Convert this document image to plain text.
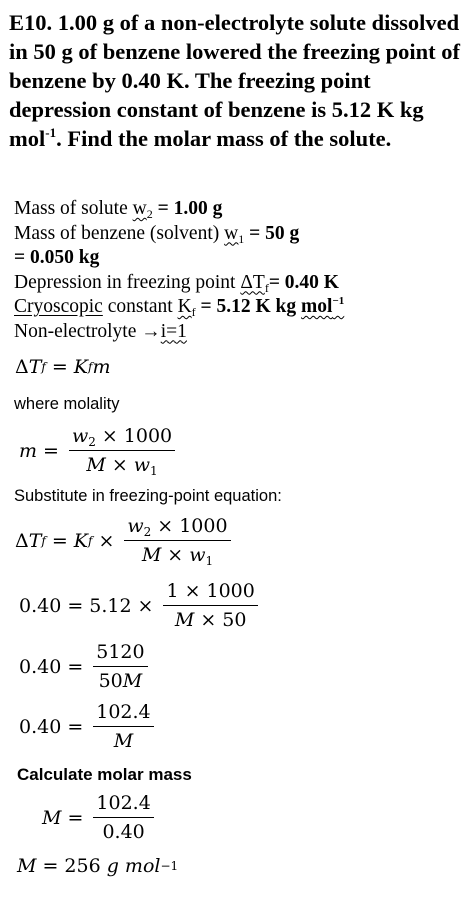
E10. 1.00 g of a non-electrolyte solute dissolved in 50 g of benzene lowered the freezing point of benzene by 0.40 K. The freezing point depression constant of benzene is 5.12 K kg mol$^{-1}$. Find the molar mass of the solute.
Mass of solute $w_2 = 1.00$ g
Mass of benzene (solvent) $w_1 = 50$ g
= 0.050 kg
Depression in freezing point $\Delta T_f= 0.40$ K
Cryoscopic constant $K_f = 5.12$ K kg mol$^{-1}$
Non-electrolyte →i=1
Δ T f = K f m
where molality
$m = \frac{w_2 \times 1000}{M \times w_1}$
Substitute in freezing-point equation:
Δ T f = K $f \times \frac{w_2 \times 1000}{M \times w_1}$
$0.40 = 5.12 \times \frac{1 \times 1000}{M \times 50}$
$0.40 = \frac{5120}{50M}$
$0.40 = \frac{102.4}{M}$
Calculate molar mass
$M = \frac{102.4}{0.40}$
M = 256
g
mol −1
